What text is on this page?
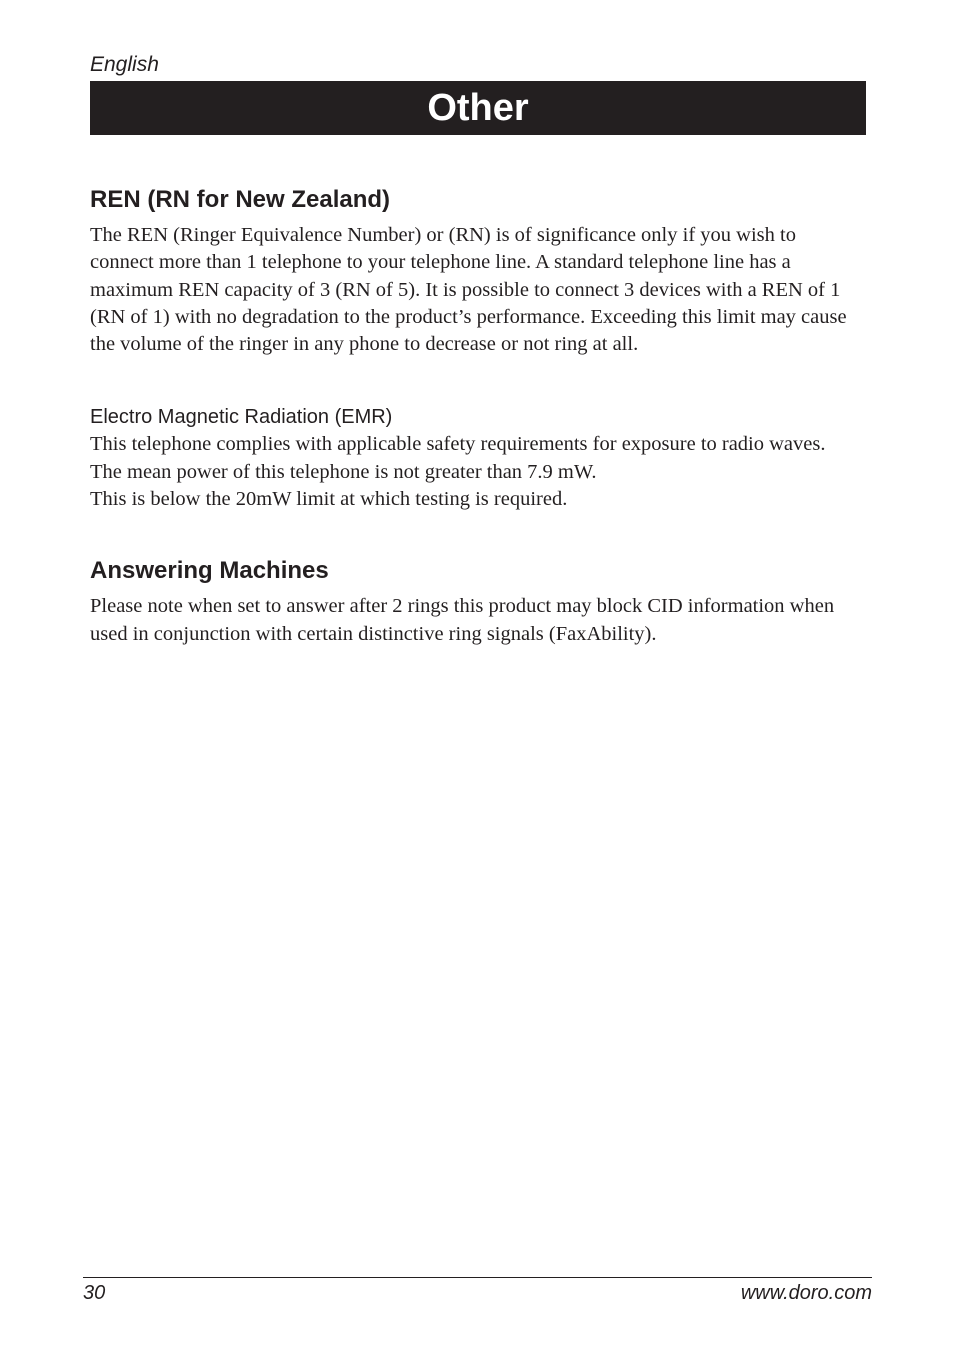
English
Other
REN (RN for New Zealand)

The REN (Ringer Equivalence Number) or (RN) is of significance only if you wish to connect more than 1 telephone to your telephone line. A standard telephone line has a maximum REN capacity of 3 (RN of 5). It is possible to connect 3 devices with a REN of 1 (RN of 1) with no degradation to the product’s performance. Exceeding this limit may cause the volume of the ringer in any phone to decrease or not ring at all.

Electro Magnetic Radiation (EMR)

This telephone complies with applicable safety requirements for exposure to radio waves.

The mean power of this telephone is not greater than 7.9 mW.

This is below the 20mW limit at which testing is required.

Answering Machines

Please note when set to answer after 2 rings this product may block CID information when used in conjunction with certain distinctive ring signals (FaxAbility).

30	www.doro.com
